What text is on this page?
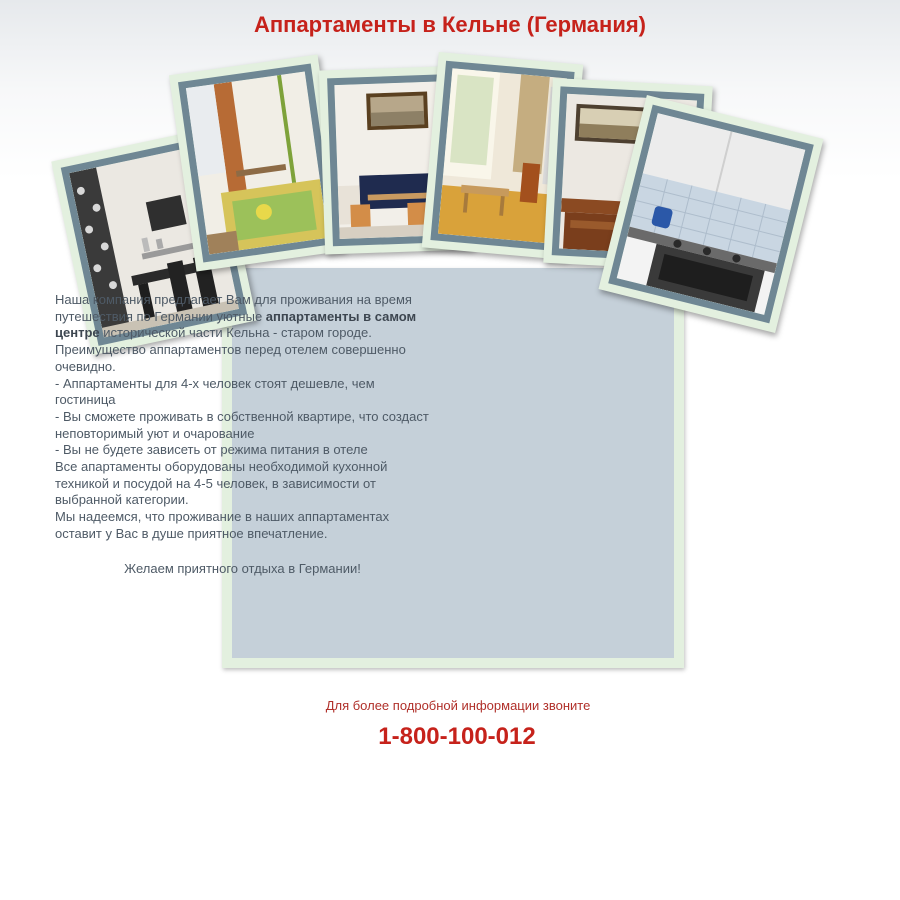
Аппартаменты в Кельне (Германия)

Наша компания предлагает Вам для проживания на время путешествия по Германии уютные аппартаменты в самом центре исторической части Кельна - старом городе.

Преимущество аппартаментов перед отелем совершенно очевидно.

- Аппартаменты для 4-х человек стоят дешевле, чем гостиница

- Вы сможете проживать в собственной квартире, что создаст неповторимый уют и очарование

- Вы не будете зависеть от режима питания в отеле

Все апартаменты оборудованы необходимой кухонной техникой и посудой на 4-5 человек, в зависимости от выбранной категории.

Мы надеемся, что проживание в наших аппартаментах оставит у Вас в душе приятное впечатление.

Желаем приятного отдыха в Германии!

Для более подробной информации звоните
1-800-100-012
